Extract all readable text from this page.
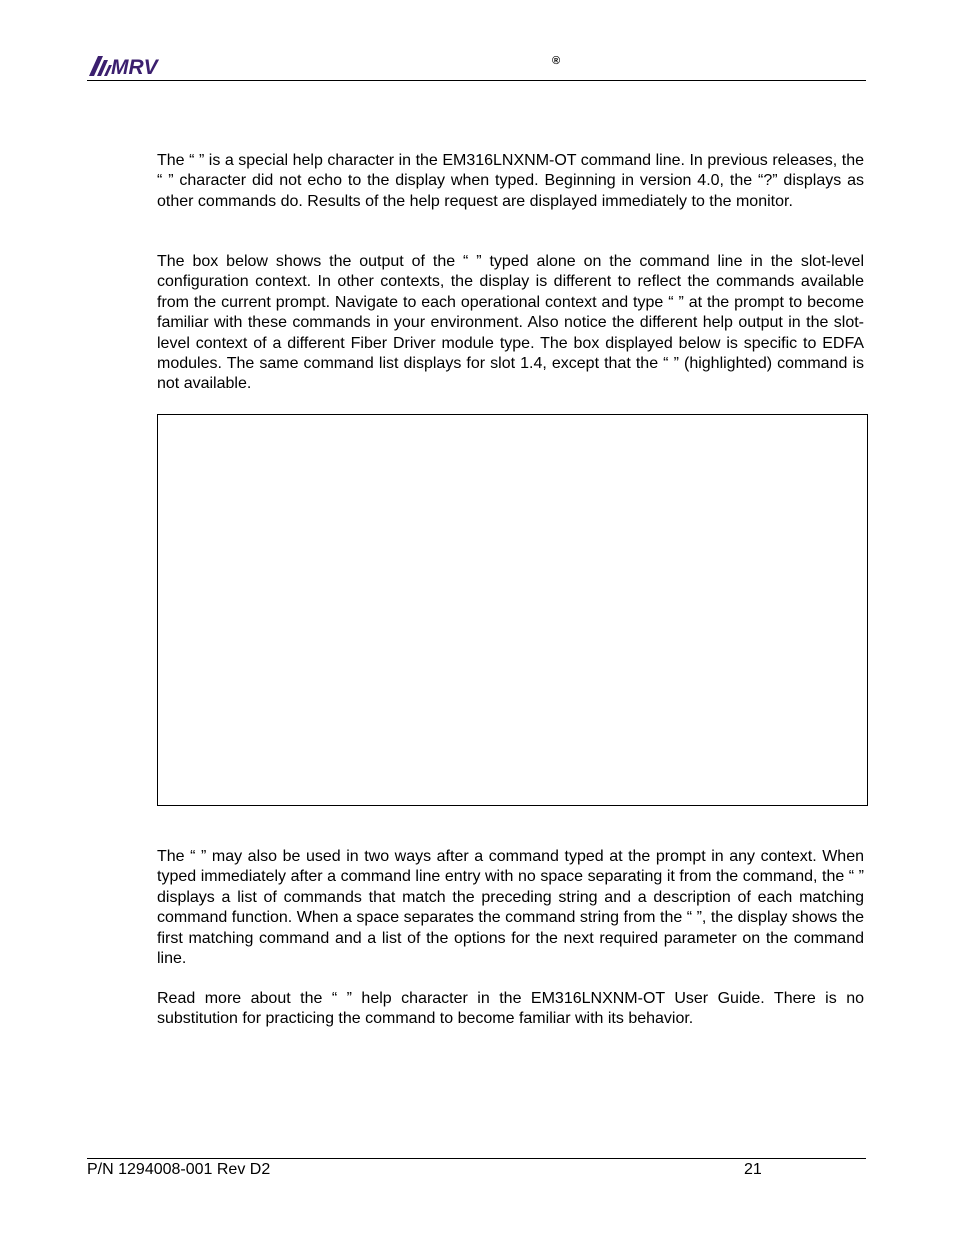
MRV	®

The “ ” is a special help character in the EM316LNXNM-OT command line. In previous releases, the “ ” character did not echo to the display when typed. Beginning in version 4.0, the “?” displays as other commands do. Results of the help request are displayed immediately to the monitor.

The box below shows the output of the “ ” typed alone on the command line in the slot-level configuration context. In other contexts, the display is different to reflect the commands available from the current prompt. Navigate to each operational context and type “ ” at the prompt to become familiar with these commands in your environment. Also notice the different help output in the slot-level context of a different Fiber Driver module type. The box displayed below is specific to EDFA modules. The same command list displays for slot 1.4, except that the “ ” (highlighted) command is not available.

The “ ” may also be used in two ways after a command typed at the prompt in any context. When typed immediately after a command line entry with no space separating it from the command, the “ ” displays a list of commands that match the preceding string and a description of each matching command function. When a space separates the command string from the “ ”, the display shows the first matching command and a list of the options for the next required parameter on the command line.

Read more about the “ ” help character in the EM316LNXNM-OT User Guide. There is no substitution for practicing the command to become familiar with its behavior.

P/N 1294008-001 Rev D2	21
